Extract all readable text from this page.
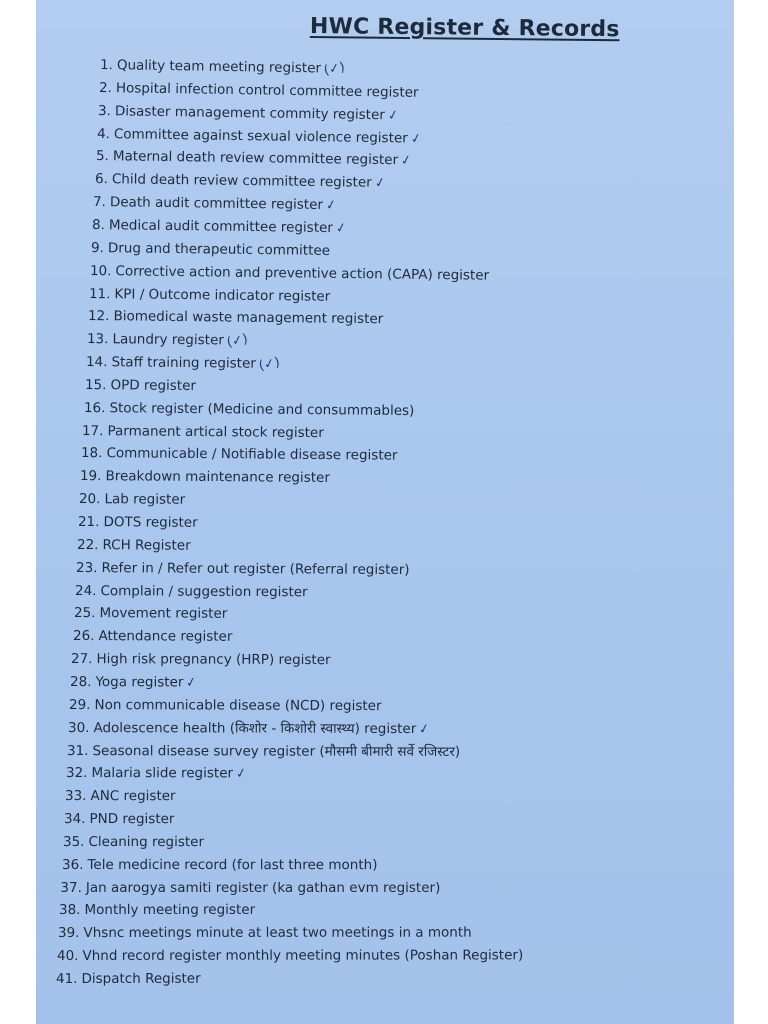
HWC Register & Records
1. Quality team meeting register (✓)
2. Hospital infection control committee register
3. Disaster management commity register✓
4. Committee against sexual violence register✓
5. Maternal death review committee register✓
6. Child death review committee register✓
7. Death audit committee register✓
8. Medical audit committee register✓
9. Drug and therapeutic committee
10. Corrective action and preventive action (CAPA) register
11. KPI / Outcome indicator register
12. Biomedical waste management register
13. Laundry register (✓)
14. Staff training register (✓)
15. OPD register
16. Stock register (Medicine and consummables)
17. Parmanent artical stock register
18. Communicable / Notifiable disease register
19. Breakdown maintenance register
20. Lab register
21. DOTS register
22. RCH Register
23. Refer in / Refer out register (Referral register)
24. Complain / suggestion register
25. Movement register
26. Attendance register
27. High risk pregnancy (HRP) register
28. Yoga register✓
29. Non communicable disease (NCD) register
30. Adolescence health (किशोर - किशोरी स्वास्थ्य) register✓
31. Seasonal disease survey register (मौसमी बीमारी सर्वे रजिस्टर)
32. Malaria slide register✓
33. ANC register
34. PND register
35. Cleaning register
36. Tele medicine record (for last three month)
37. Jan aarogya samiti register (ka gathan evm register)
38. Monthly meeting register
39. Vhsnc meetings minute at least two meetings in a month
40. Vhnd record register monthly meeting minutes (Poshan Register)
41. Dispatch Register
